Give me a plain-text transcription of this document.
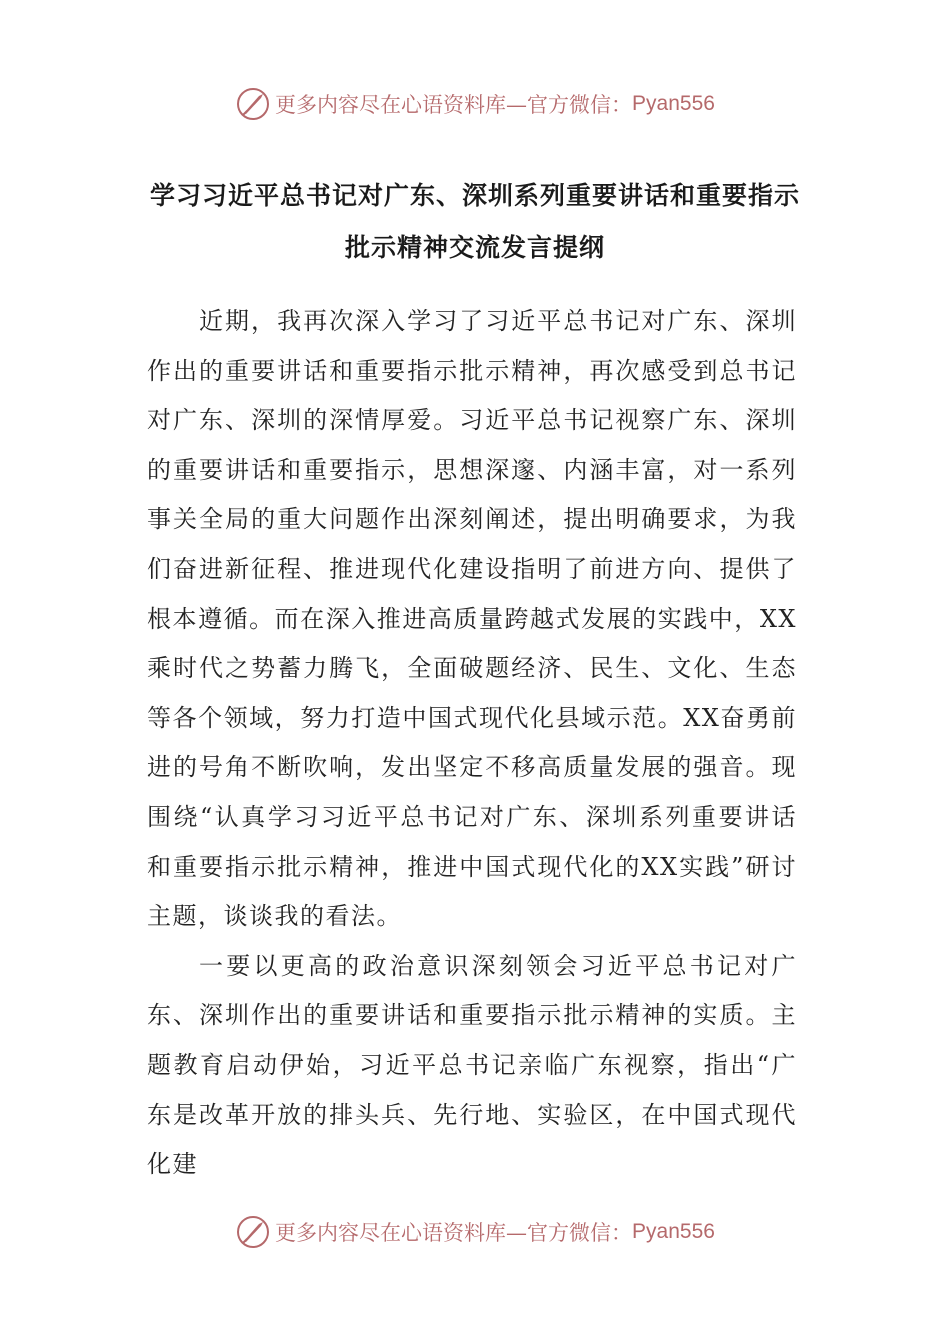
更多内容尽在心语资料库—官方微信： Pyan556
学习习近平总书记对广东、深圳系列重要讲话和重要指示
批示精神交流发言提纲

近期，我再次深入学习了习近平总书记对广东、深圳作出的重要讲话和重要指示批示精神，再次感受到总书记对广东、深圳的深情厚爱。习近平总书记视察广东、深圳的重要讲话和重要指示，思想深邃、内涵丰富，对一系列事关全局的重大问题作出深刻阐述，提出明确要求，为我们奋进新征程、推进现代化建设指明了前进方向、提供了根本遵循。而在深入推进高质量跨越式发展的实践中，XX乘时代之势蓄力腾飞，全面破题经济、民生、文化、生态等各个领域，努力打造中国式现代化县域示范。XX奋勇前进的号角不断吹响，发出坚定不移高质量发展的强音。现围绕“认真学习习近平总书记对广东、深圳系列重要讲话和重要指示批示精神，推进中国式现代化的XX实践”研讨主题，谈谈我的看法。

一要以更高的政治意识深刻领会习近平总书记对广东、深圳作出的重要讲话和重要指示批示精神的实质。主题教育启动伊始，习近平总书记亲临广东视察，指出“广东是改革开放的排头兵、先行地、实验区，在中国式现代化建

更多内容尽在心语资料库—官方微信： Pyan556
